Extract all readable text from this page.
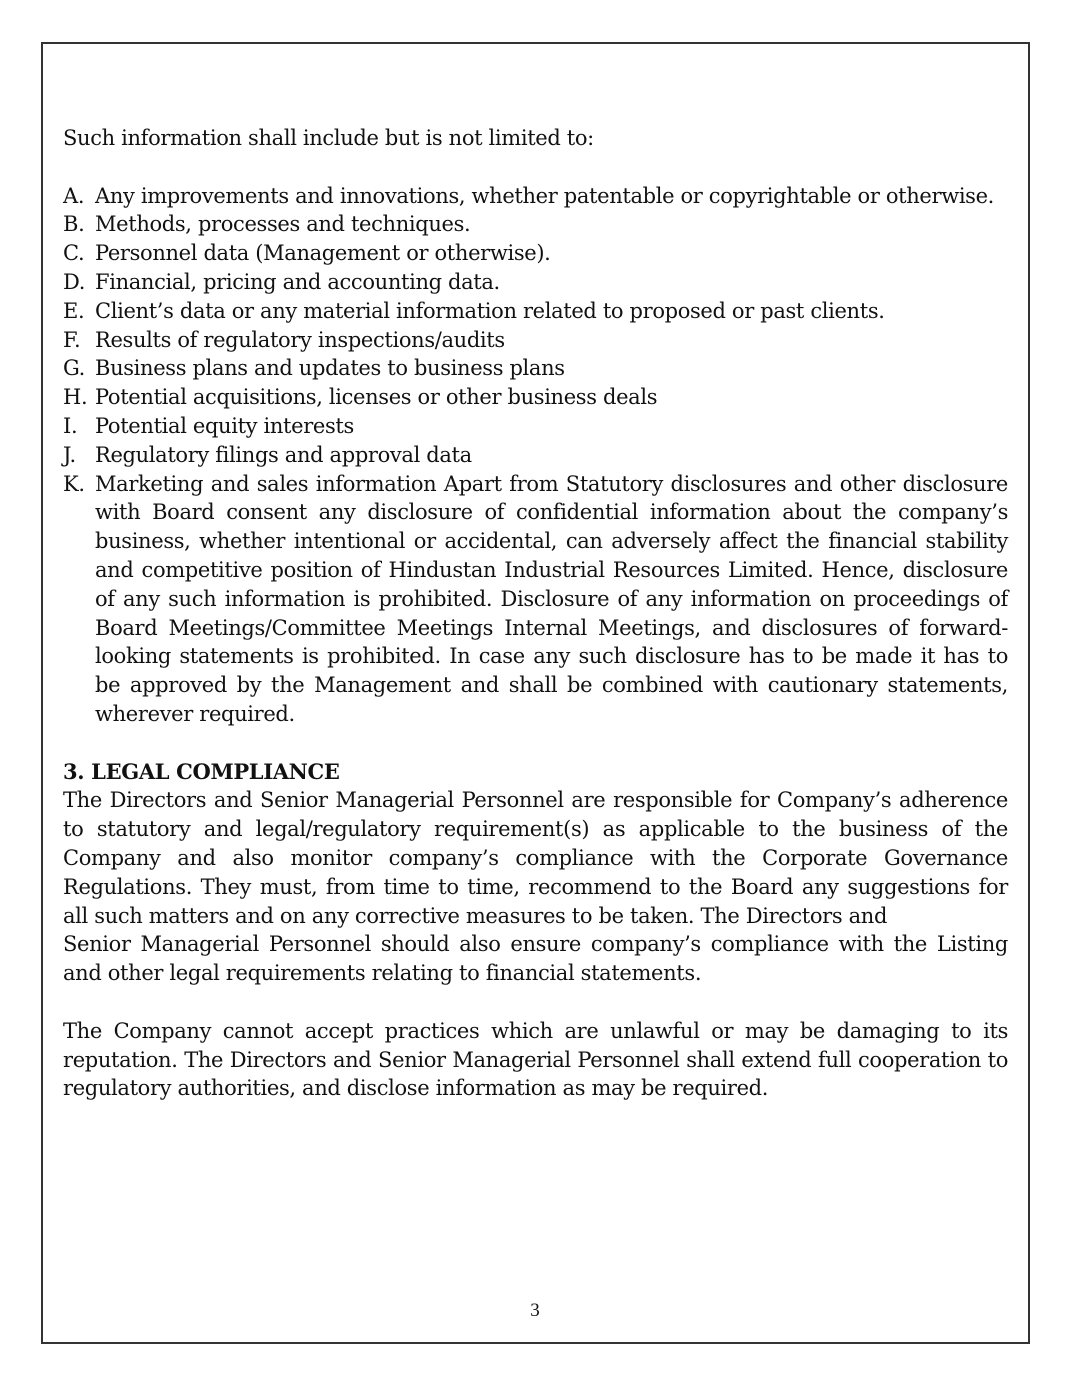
Such information shall include but is not limited to:

A. Any improvements and innovations, whether patentable or copyrightable or otherwise.
B. Methods, processes and techniques.
C. Personnel data (Management or otherwise).
D. Financial, pricing and accounting data.
E. Client’s data or any material information related to proposed or past clients.
F. Results of regulatory inspections/audits
G. Business plans and updates to business plans
H. Potential acquisitions, licenses or other business deals
I. Potential equity interests
J. Regulatory filings and approval data
K. Marketing and sales information Apart from Statutory disclosures and other disclosure with Board consent any disclosure of confidential information about the company’s business, whether intentional or accidental, can adversely affect the financial stability and competitive position of Hindustan Industrial Resources Limited. Hence, disclosure of any such information is prohibited. Disclosure of any information on proceedings of Board Meetings/Committee Meetings Internal Meetings, and disclosures of forward-looking statements is prohibited. In case any such disclosure has to be made it has to be approved by the Management and shall be combined with cautionary statements, wherever required.

3. LEGAL COMPLIANCE

The Directors and Senior Managerial Personnel are responsible for Company’s adherence to statutory and legal/regulatory requirement(s) as applicable to the business of the Company and also monitor company’s compliance with the Corporate Governance Regulations. They must, from time to time, recommend to the Board any suggestions for all such matters and on any corrective measures to be taken. The Directors and

Senior Managerial Personnel should also ensure company’s compliance with the Listing and other legal requirements relating to financial statements.

The Company cannot accept practices which are unlawful or may be damaging to its reputation. The Directors and Senior Managerial Personnel shall extend full cooperation to regulatory authorities, and disclose information as may be required.

3
